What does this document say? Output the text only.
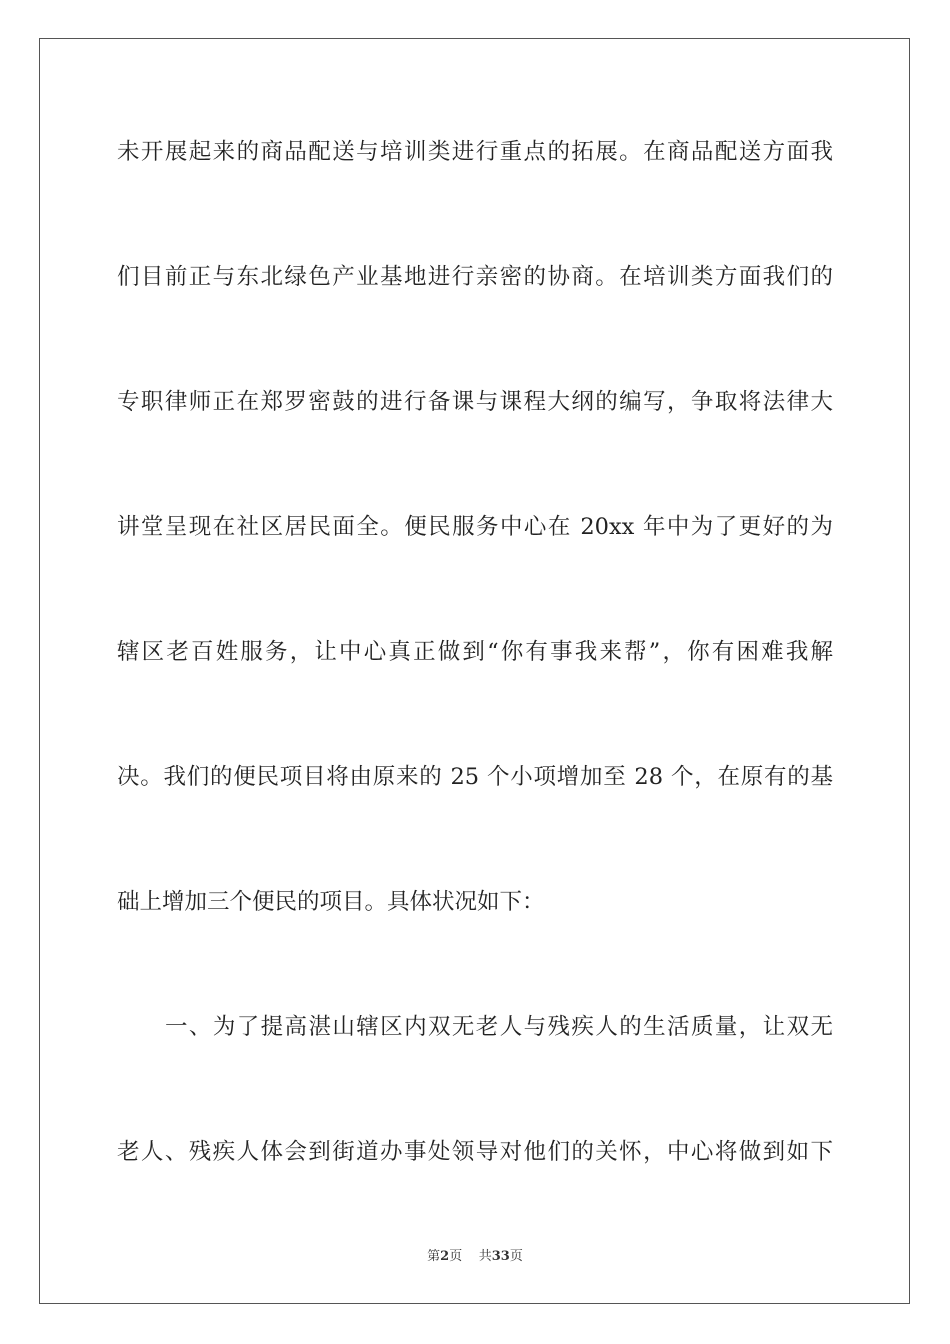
未开展起来的商品配送与培训类进行重点的拓展。在商品配送方面我
们目前正与东北绿色产业基地进行亲密的协商。在培训类方面我们的
专职律师正在郑罗密鼓的进行备课与课程大纲的编写，争取将法律大
讲堂呈现在社区居民面全。便民服务中心在 20xx 年中为了更好的为
辖区老百姓服务，让中心真正做到“你有事我来帮”，你有困难我解
决。我们的便民项目将由原来的 25 个小项增加至 28 个，在原有的基
础上增加三个便民的项目。具体状况如下：
一、为了提高湛山辖区内双无老人与残疾人的生活质量，让双无
老人、残疾人体会到街道办事处领导对他们的关怀，中心将做到如下
第2页 共33页
